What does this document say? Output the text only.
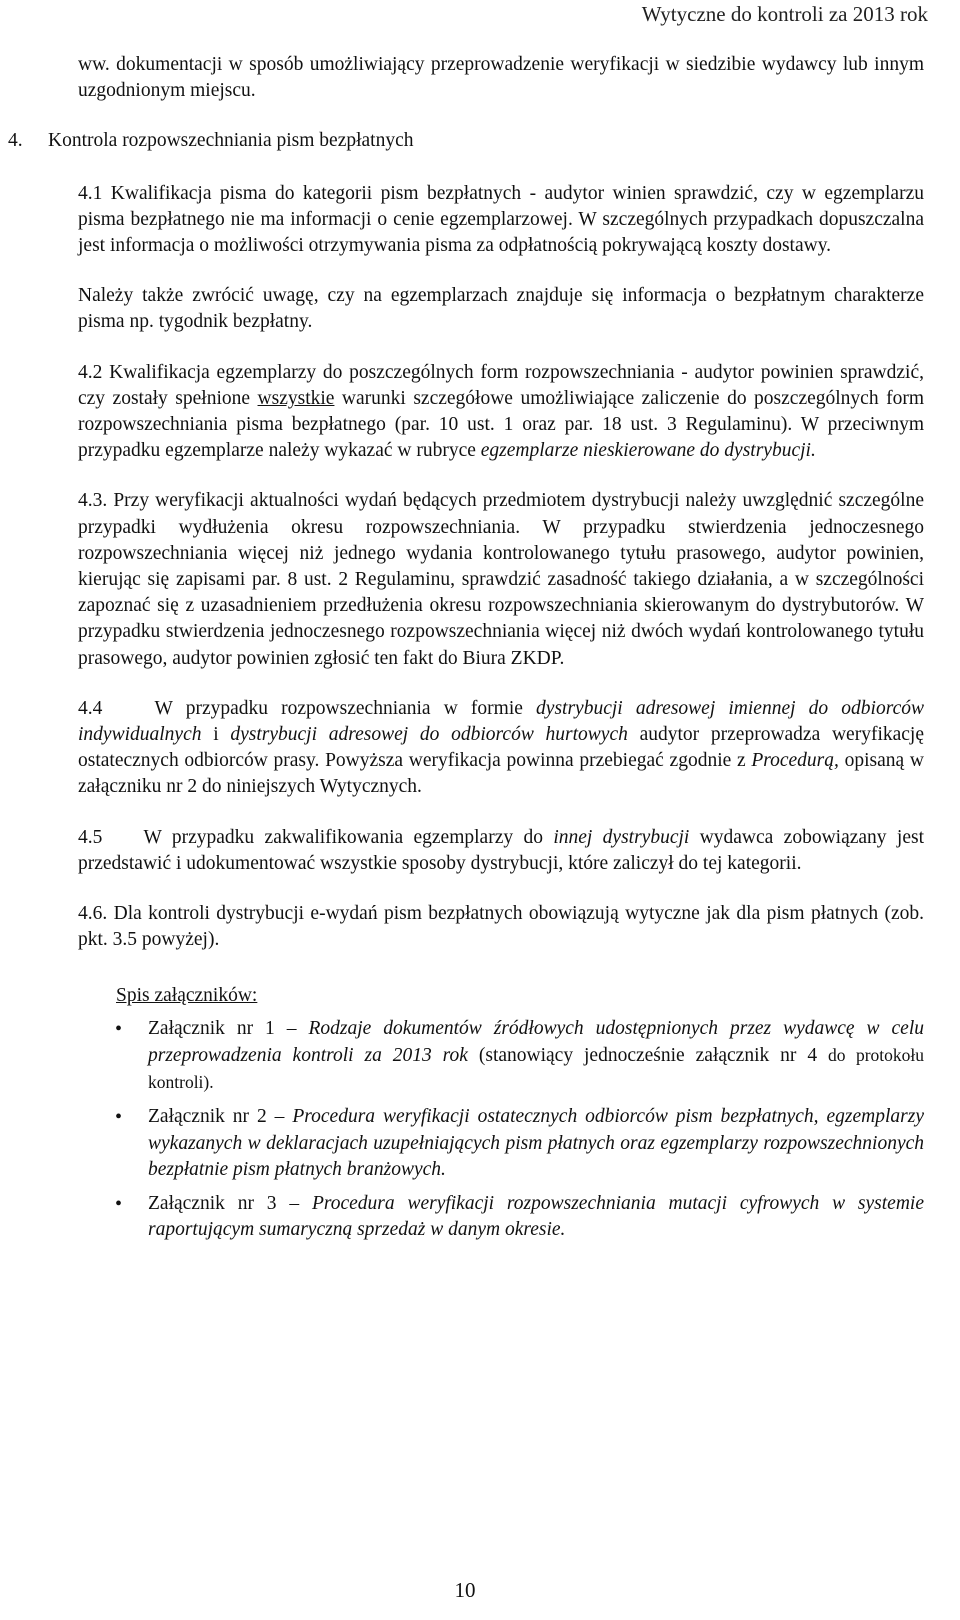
Wytyczne do kontroli za 2013 rok

ww. dokumentacji w sposób umożliwiający przeprowadzenie weryfikacji w siedzibie wydawcy lub innym uzgodnionym miejscu.

4. Kontrola rozpowszechniania pism bezpłatnych

4.1 Kwalifikacja pisma do kategorii pism bezpłatnych - audytor winien sprawdzić, czy w egzemplarzu pisma bezpłatnego nie ma informacji o cenie egzemplarzowej. W szczególnych przypadkach dopuszczalna jest informacja o możliwości otrzymywania pisma za odpłatnością pokrywającą koszty dostawy.

Należy także zwrócić uwagę, czy na egzemplarzach znajduje się informacja o bezpłatnym charakterze pisma np. tygodnik bezpłatny.

4.2 Kwalifikacja egzemplarzy do poszczególnych form rozpowszechniania - audytor powinien sprawdzić, czy zostały spełnione wszystkie warunki szczegółowe umożliwiające zaliczenie do poszczególnych form rozpowszechniania pisma bezpłatnego (par. 10 ust. 1 oraz par. 18 ust. 3 Regulaminu). W przeciwnym przypadku egzemplarze należy wykazać w rubryce egzemplarze nieskierowane do dystrybucji.

4.3. Przy weryfikacji aktualności wydań będących przedmiotem dystrybucji należy uwzględnić szczególne przypadki wydłużenia okresu rozpowszechniania. W przypadku stwierdzenia jednoczesnego rozpowszechniania więcej niż jednego wydania kontrolowanego tytułu prasowego, audytor powinien, kierując się zapisami par. 8 ust. 2 Regulaminu, sprawdzić zasadność takiego działania, a w szczególności zapoznać się z uzasadnieniem przedłużenia okresu rozpowszechniania skierowanym do dystrybutorów. W przypadku stwierdzenia jednoczesnego rozpowszechniania więcej niż dwóch wydań kontrolowanego tytułu prasowego, audytor powinien zgłosić ten fakt do Biura ZKDP.

4.4    W przypadku rozpowszechniania w formie dystrybucji adresowej imiennej do odbiorców indywidualnych i dystrybucji adresowej do odbiorców hurtowych audytor przeprowadza weryfikację ostatecznych odbiorców prasy. Powyższa weryfikacja powinna przebiegać zgodnie z Procedurą, opisaną w załączniku nr 2 do niniejszych Wytycznych.

4.5    W przypadku zakwalifikowania egzemplarzy do innej dystrybucji wydawca zobowiązany jest przedstawić i udokumentować wszystkie sposoby dystrybucji, które zaliczył do tej kategorii.

4.6. Dla kontroli dystrybucji e-wydań pism bezpłatnych obowiązują wytyczne jak dla pism płatnych (zob. pkt. 3.5 powyżej).

Spis załączników:
• Załącznik nr 1 – Rodzaje dokumentów źródłowych udostępnionych przez wydawcę w celu przeprowadzenia kontroli za 2013 rok (stanowiący jednocześnie załącznik nr 4 do protokołu kontroli).
• Załącznik nr 2 – Procedura weryfikacji ostatecznych odbiorców pism bezpłatnych, egzemplarzy wykazanych w deklaracjach uzupełniających pism płatnych oraz egzemplarzy rozpowszechnionych bezpłatnie pism płatnych branżowych.
• Załącznik nr 3 – Procedura weryfikacji rozpowszechniania mutacji cyfrowych w systemie raportującym sumaryczną sprzedaż w danym okresie.
10
